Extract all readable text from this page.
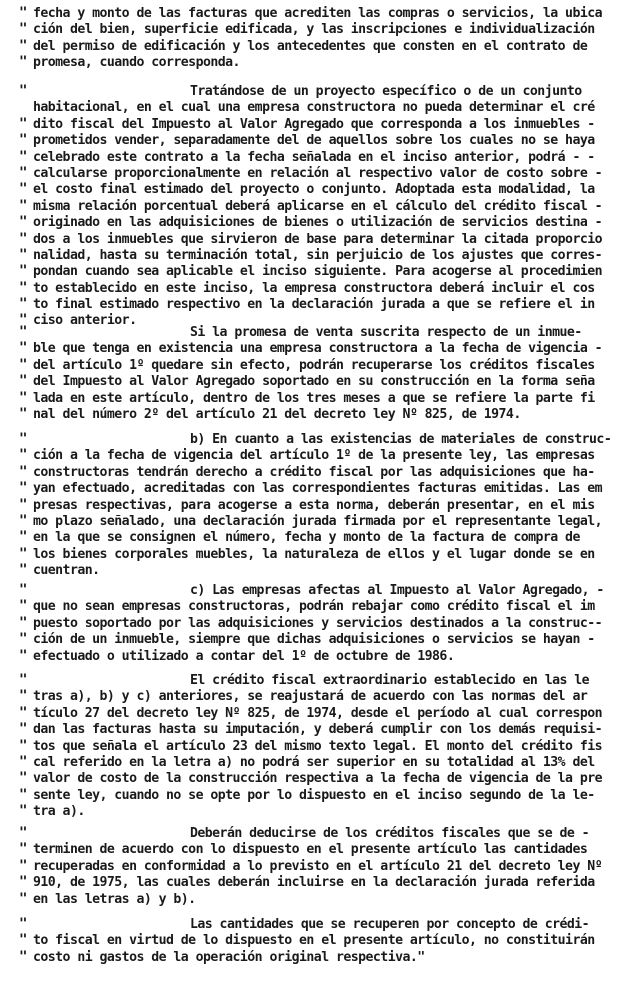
" fecha y monto de las facturas que acrediten las compras o servicios, la ubica
" ción del bien, superficie edificada, y las inscripciones e individualización
" del permiso de edificación y los antecedentes que consten en el contrato de
" promesa, cuando corresponda.
"	Tratándose de un proyecto específico o de un conjunto
habitacional, en el cual una empresa constructora no pueda determinar el cré
" dito fiscal del Impuesto al Valor Agregado que corresponda a los inmuebles -
" prometidos vender, separadamente del de aquellos sobre los cuales no se haya
" celebrado este contrato a la fecha señalada en el inciso anterior, podrá - -
" calcularse proporcionalmente en relación al respectivo valor de costo sobre -
" el costo final estimado del proyecto o conjunto. Adoptada esta modalidad, la
" misma relación porcentual deberá aplicarse en el cálculo del crédito fiscal -
" originado en las adquisiciones de bienes o utilización de servicios destina -
" dos a los inmuebles que sirvieron de base para determinar la citada proporcio
" nalidad, hasta su terminación total, sin perjuicio de los ajustes que corres-
" pondan cuando sea aplicable el inciso siguiente. Para acogerse al procedimien
" to establecido en este inciso, la empresa constructora deberá incluir el cos
" to final estimado respectivo en la declaración jurada a que se refiere el in
" ciso anterior.
"	Si la promesa de venta suscrita respecto de un inmue-
" ble que tenga en existencia una empresa constructora a la fecha de vigencia -
" del artículo 1º quedare sin efecto, podrán recuperarse los créditos fiscales
" del Impuesto al Valor Agregado soportado en su construcción en la forma seña
" lada en este artículo, dentro de los tres meses a que se refiere la parte fi
" nal del número 2º del artículo 21 del decreto ley Nº 825, de 1974.
"	b) En cuanto a las existencias de materiales de construc-
" ción a la fecha de vigencia del artículo 1º de la presente ley, las empresas
" constructoras tendrán derecho a crédito fiscal por las adquisiciones que ha-
" yan efectuado, acreditadas con las correspondientes facturas emitidas. Las em
" presas respectivas, para acogerse a esta norma, deberán presentar, en el mis
" mo plazo señalado, una declaración jurada firmada por el representante legal,
" en la que se consignen el número, fecha y monto de la factura de compra de
" los bienes corporales muebles, la naturaleza de ellos y el lugar donde se en
" cuentran.
"	c) Las empresas afectas al Impuesto al Valor Agregado, -
" que no sean empresas constructoras, podrán rebajar como crédito fiscal el im
" puesto soportado por las adquisiciones y servicios destinados a la construc--
" ción de un inmueble, siempre que dichas adquisiciones o servicios se hayan -
" efectuado o utilizado a contar del 1º de octubre de 1986.
"	El crédito fiscal extraordinario establecido en las le
" tras a), b) y c) anteriores, se reajustará de acuerdo con las normas del ar
" tículo 27 del decreto ley Nº 825, de 1974, desde el período al cual correspon
" dan las facturas hasta su imputación, y deberá cumplir con los demás requisi-
" tos que señala el artículo 23 del mismo texto legal. El monto del crédito fis
" cal referido en la letra a) no podrá ser superior en su totalidad al 13% del
" valor de costo de la construcción respectiva a la fecha de vigencia de la pre
" sente ley, cuando no se opte por lo dispuesto en el inciso segundo de la le-
" tra a).
"	Deberán deducirse de los créditos fiscales que se de -
" terminen de acuerdo con lo dispuesto en el presente artículo las cantidades
" recuperadas en conformidad a lo previsto en el artículo 21 del decreto ley Nº
" 910, de 1975, las cuales deberán incluirse en la declaración jurada referida
" en las letras a) y b).
"	Las cantidades que se recuperen por concepto de crédi-
" to fiscal en virtud de lo dispuesto en el presente artículo, no constituirán
" costo ni gastos de la operación original respectiva."
